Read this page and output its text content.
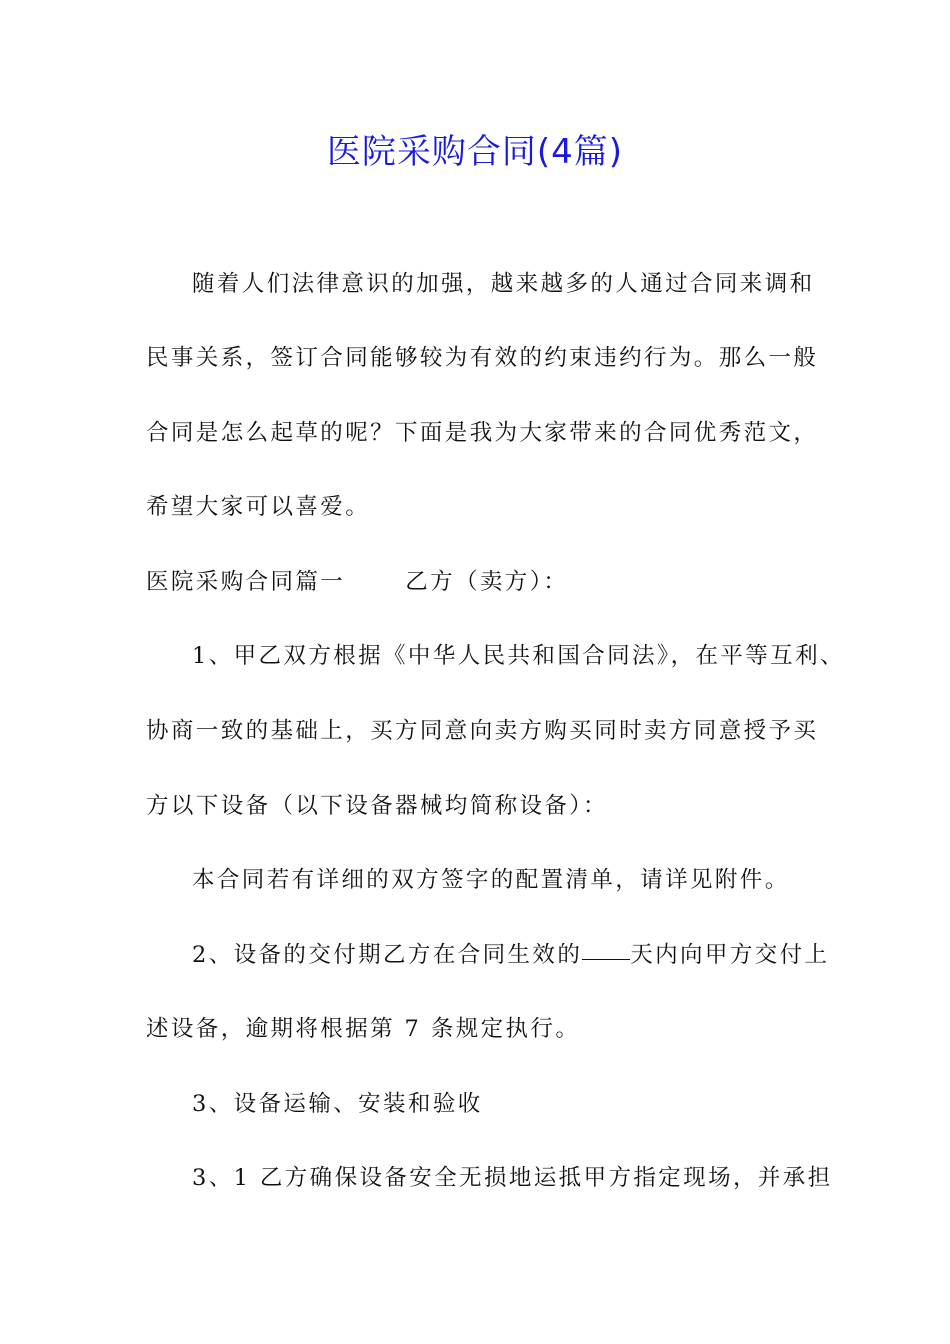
医院采购合同(4篇)

随着人们法律意识的加强，越来越多的人通过合同来调和

民事关系，签订合同能够较为有效的约束违约行为。那么一般

合同是怎么起草的呢？下面是我为大家带来的合同优秀范文，

希望大家可以喜爱。

医院采购合同篇一	乙方（卖方）：

1、甲乙双方根据《中华人民共和国合同法》，在平等互利、

协商一致的基础上，买方同意向卖方购买同时卖方同意授予买

方以下设备（以下设备器械均简称设备）：

本合同若有详细的双方签字的配置清单，请详见附件。

2、设备的交付期乙方在合同生效的 天内向甲方交付上

述设备，逾期将根据第 7 条规定执行。

3、设备运输、安装和验收

3、1 乙方确保设备安全无损地运抵甲方指定现场，并承担
